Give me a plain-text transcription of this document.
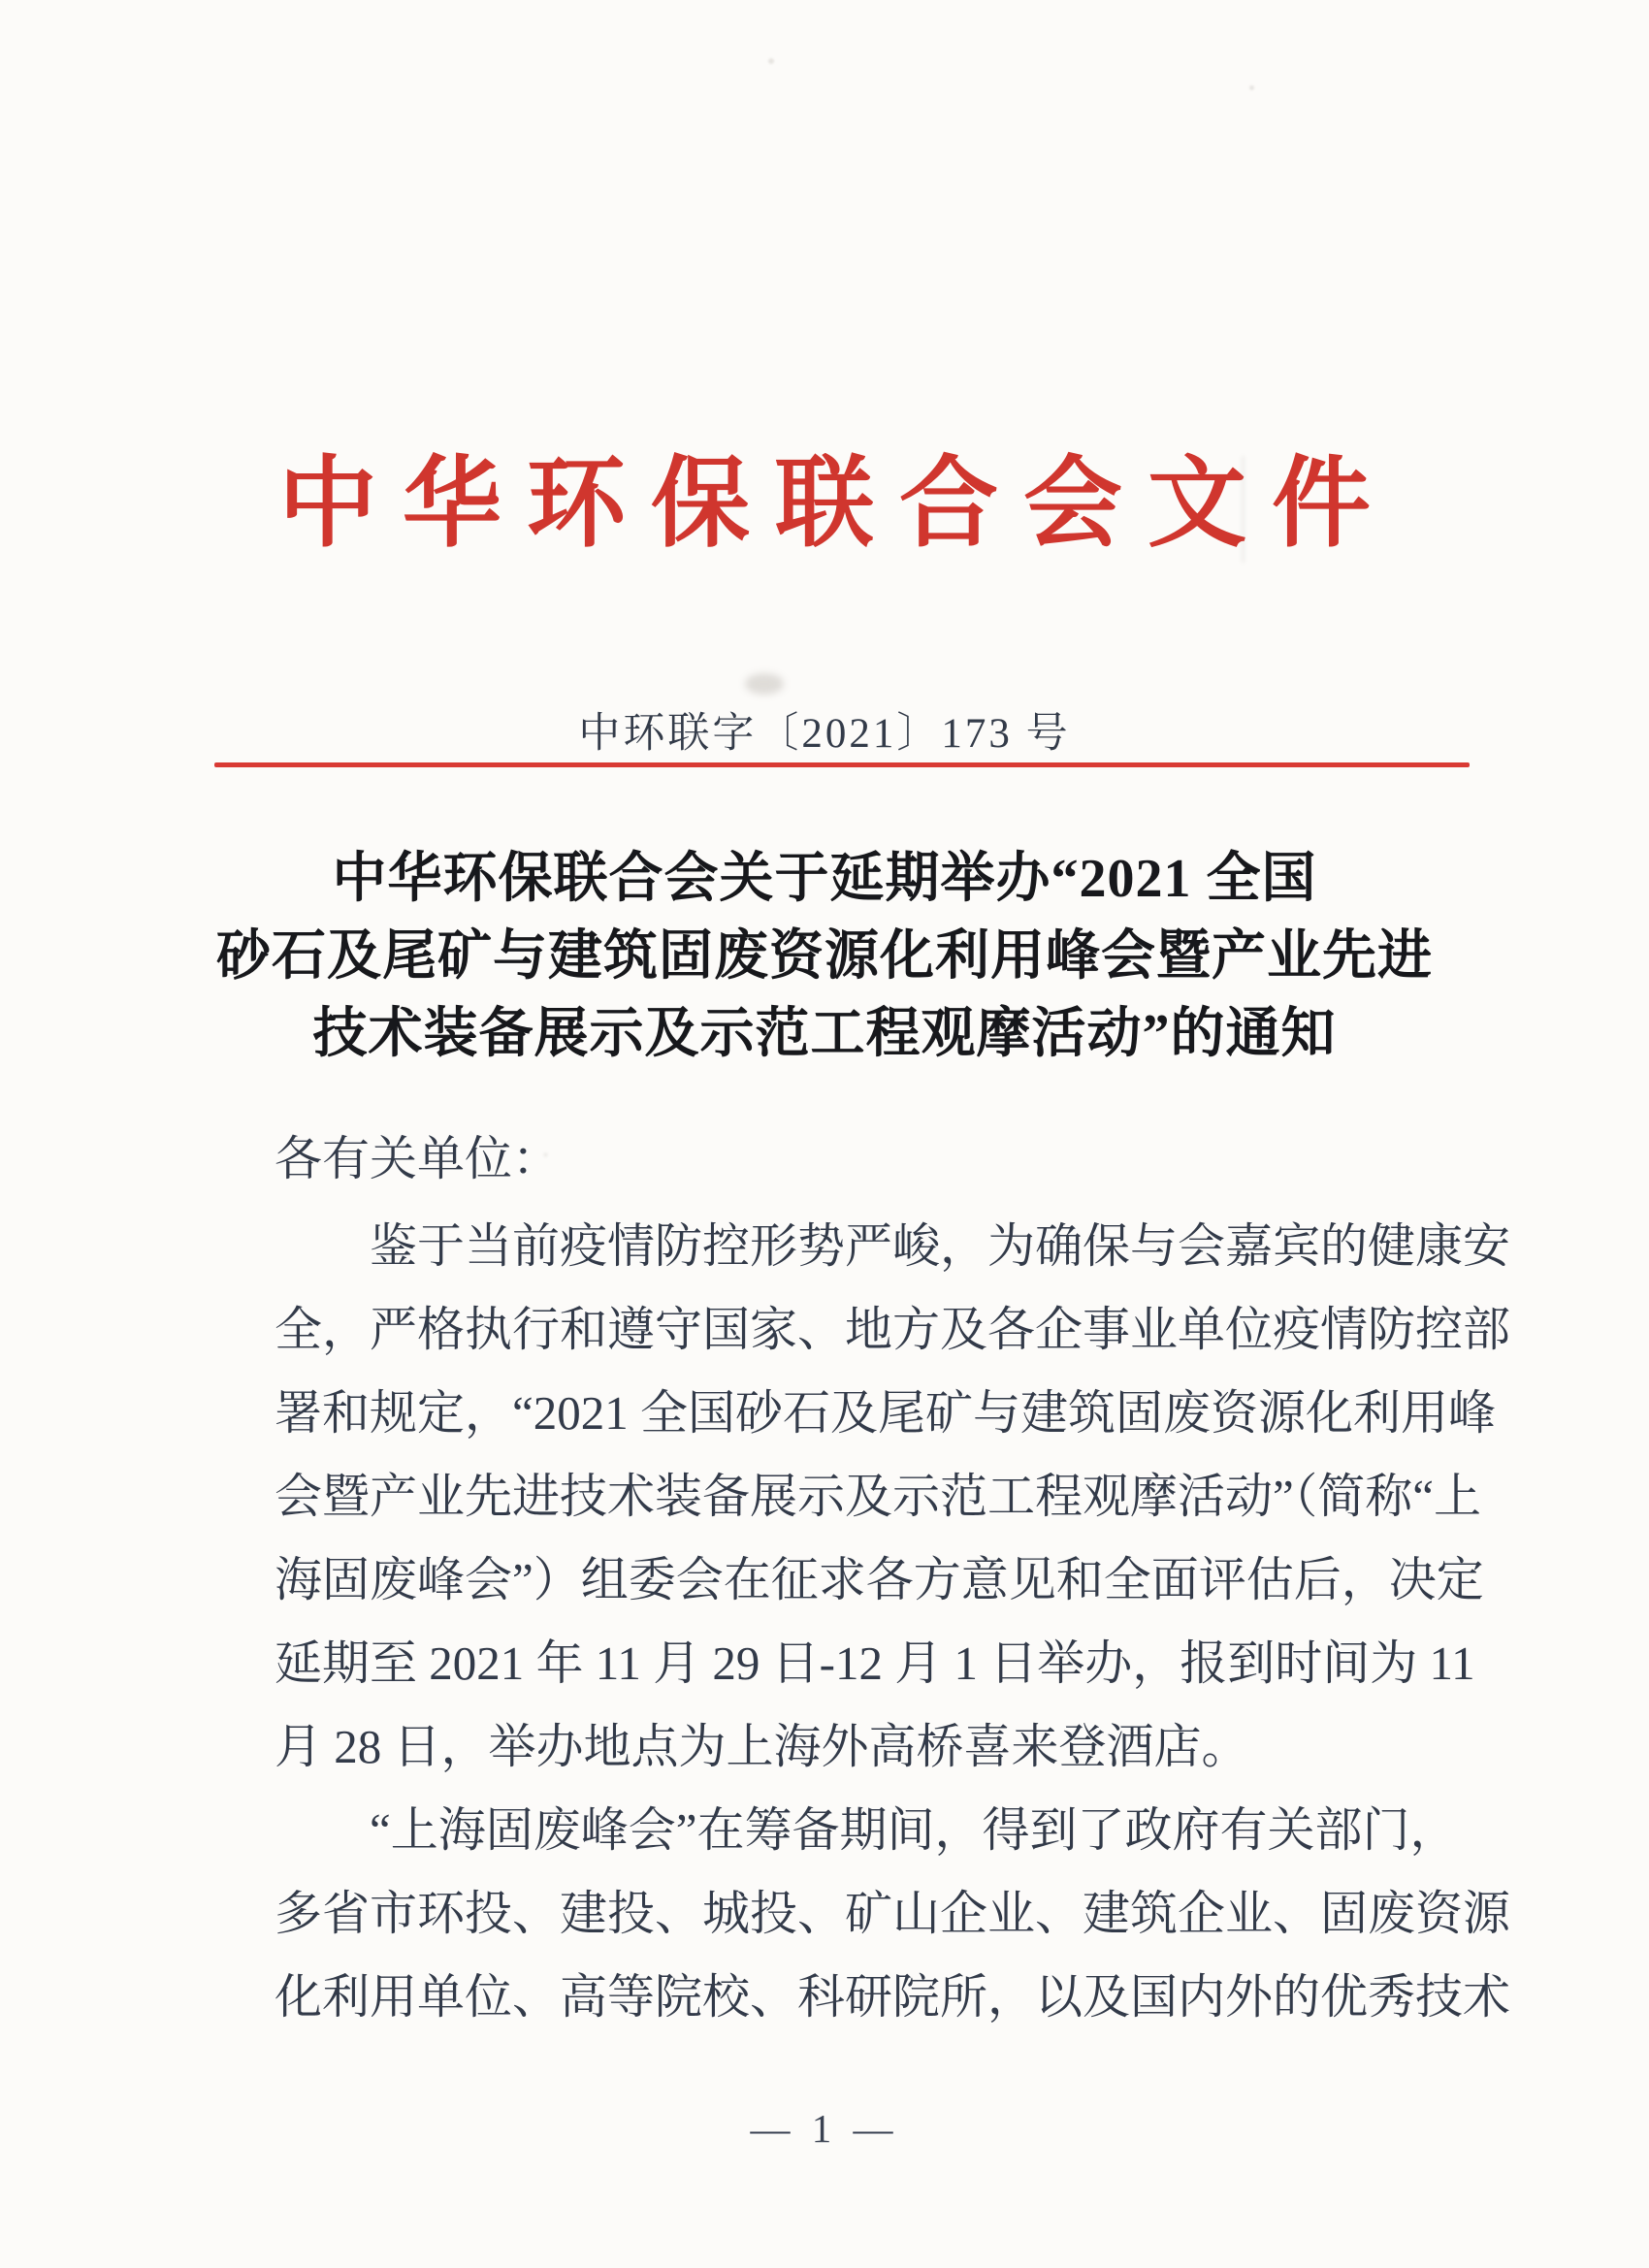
中华环保联合会文件
中环联字〔2021〕173 号
中华环保联合会关于延期举办“2021 全国
砂石及尾矿与建筑固废资源化利用峰会暨产业先进
技术装备展示及示范工程观摩活动”的通知
各有关单位：
鉴于当前疫情防控形势严峻，为确保与会嘉宾的健康安
全，严格执行和遵守国家、地方及各企事业单位疫情防控部
署和规定，“2021 全国砂石及尾矿与建筑固废资源化利用峰
会暨产业先进技术装备展示及示范工程观摩活动”（简称“上
海固废峰会”）组委会在征求各方意见和全面评估后，决定
延期至 2021 年 11 月 29 日-12 月 1 日举办，报到时间为 11
月 28 日，举办地点为上海外高桥喜来登酒店。
“上海固废峰会”在筹备期间，得到了政府有关部门，
多省市环投、建投、城投、矿山企业、建筑企业、固废资源
化利用单位、高等院校、科研院所，以及国内外的优秀技术
— 1 —
